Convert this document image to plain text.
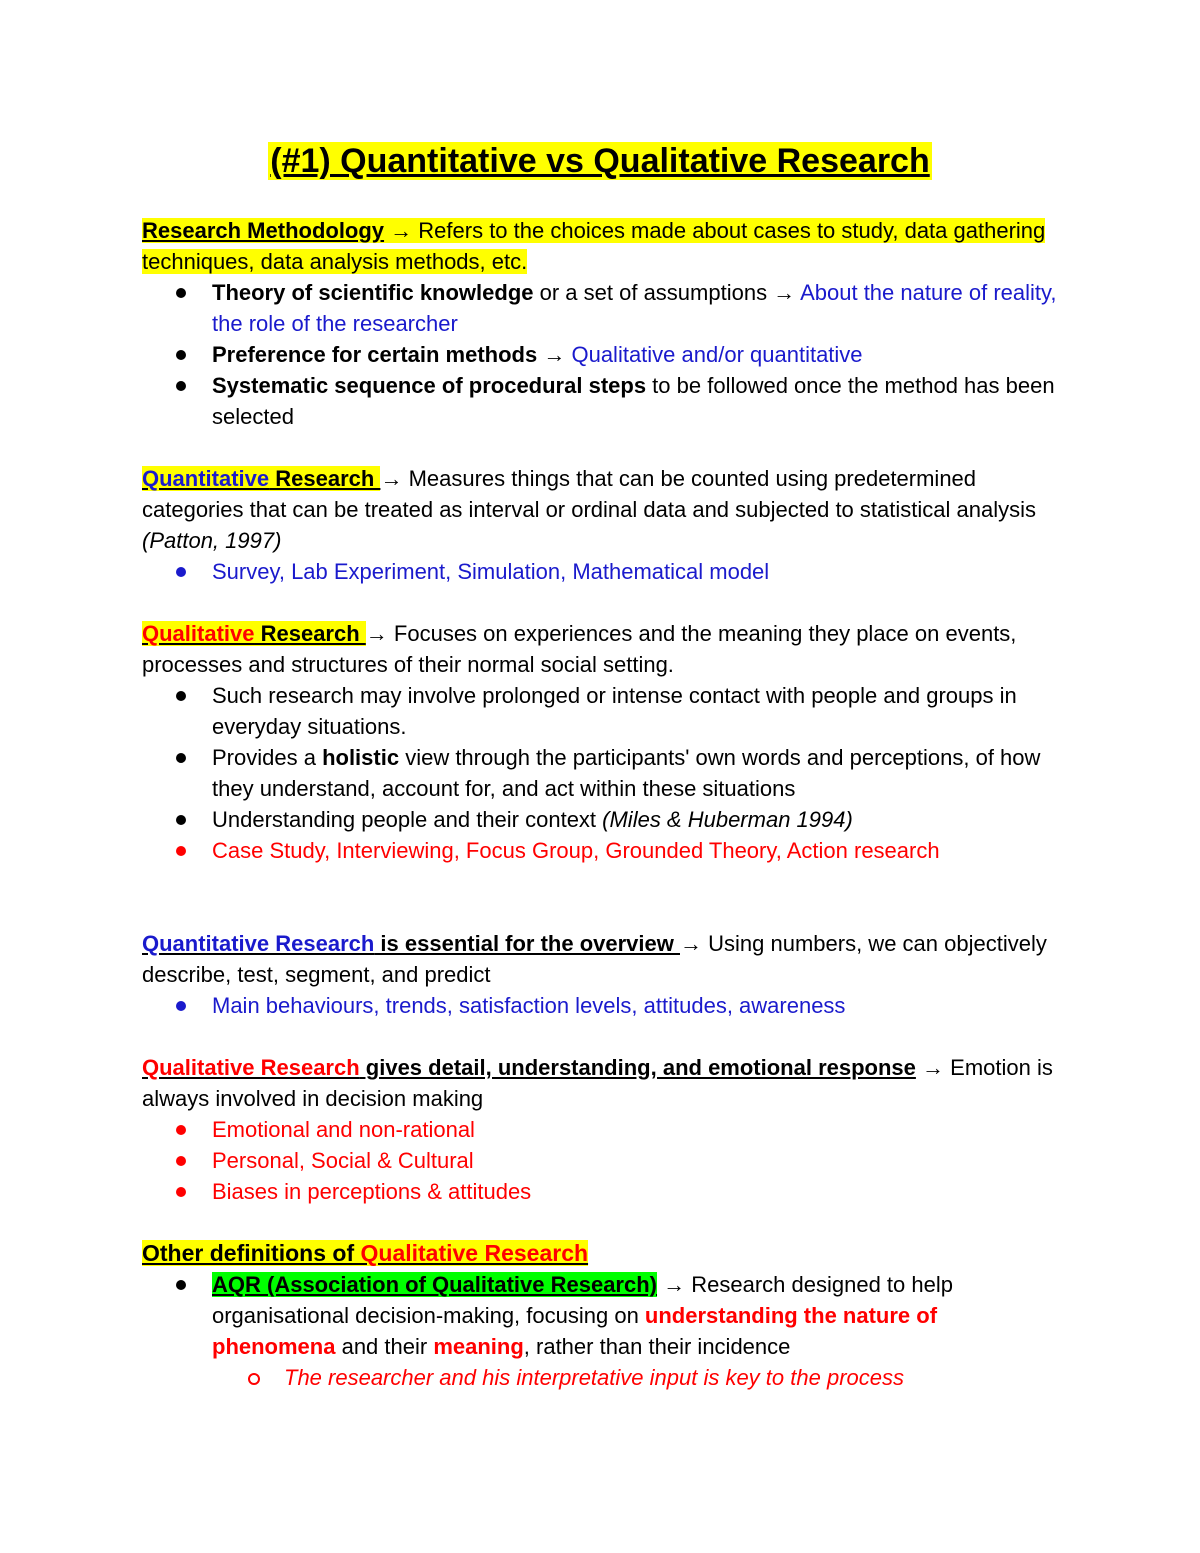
(#1) Quantitative vs Qualitative Research

Research Methodology → Refers to the choices made about cases to study, data gathering techniques, data analysis methods, etc.

Theory of scientific knowledge or a set of assumptions → About the nature of reality, the role of the researcher
Preference for certain methods → Qualitative and/or quantitative
Systematic sequence of procedural steps to be followed once the method has been selected

Quantitative Research → Measures things that can be counted using predetermined categories that can be treated as interval or ordinal data and subjected to statistical analysis (Patton, 1997)

Survey, Lab Experiment, Simulation, Mathematical model

Qualitative Research → Focuses on experiences and the meaning they place on events, processes and structures of their normal social setting.

Such research may involve prolonged or intense contact with people and groups in everyday situations.
Provides a holistic view through the participants' own words and perceptions, of how they understand, account for, and act within these situations
Understanding people and their context (Miles & Huberman 1994)
Case Study, Interviewing, Focus Group, Grounded Theory, Action research

Quantitative Research is essential for the overview → Using numbers, we can objectively describe, test, segment, and predict

Main behaviours, trends, satisfaction levels, attitudes, awareness

Qualitative Research gives detail, understanding, and emotional response → Emotion is always involved in decision making

Emotional and non-rational
Personal, Social & Cultural
Biases in perceptions & attitudes

Other definitions of Qualitative Research

AQR (Association of Qualitative Research) → Research designed to help organisational decision-making, focusing on understanding the nature of phenomena and their meaning, rather than their incidence
The researcher and his interpretative input is key to the process
